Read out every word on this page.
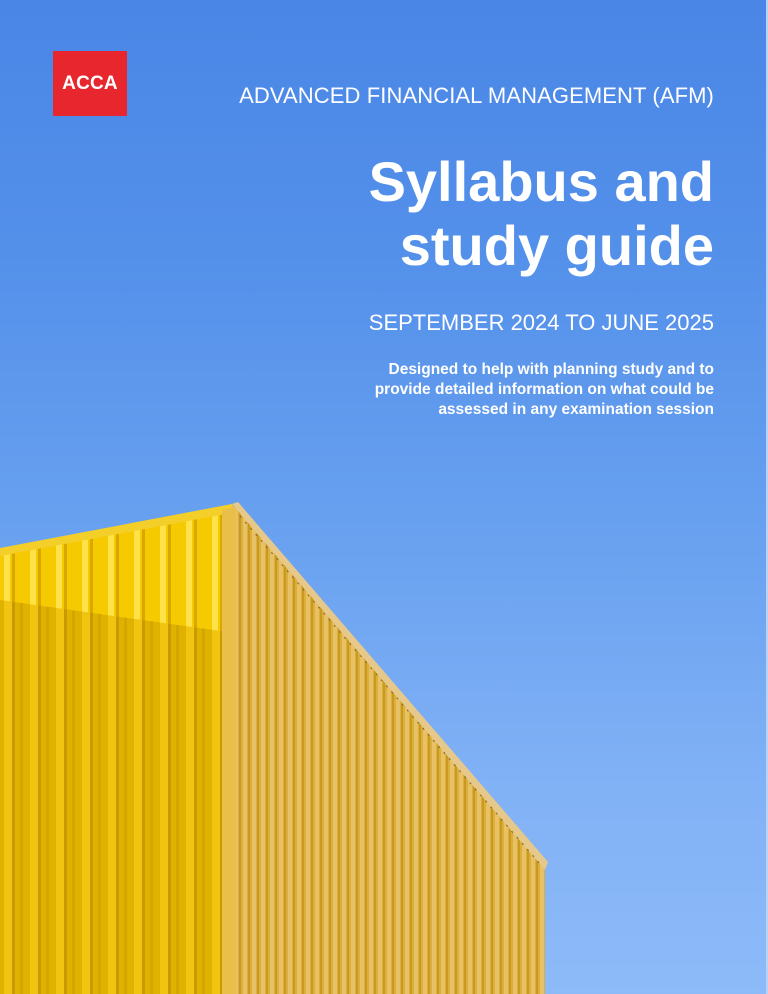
ACCA	ADVANCED FINANCIAL MANAGEMENT (AFM)
Syllabus and
study guide
SEPTEMBER 2024 TO JUNE 2025
Designed to help with planning study and to
provide detailed information on what could be
assessed in any examination session
